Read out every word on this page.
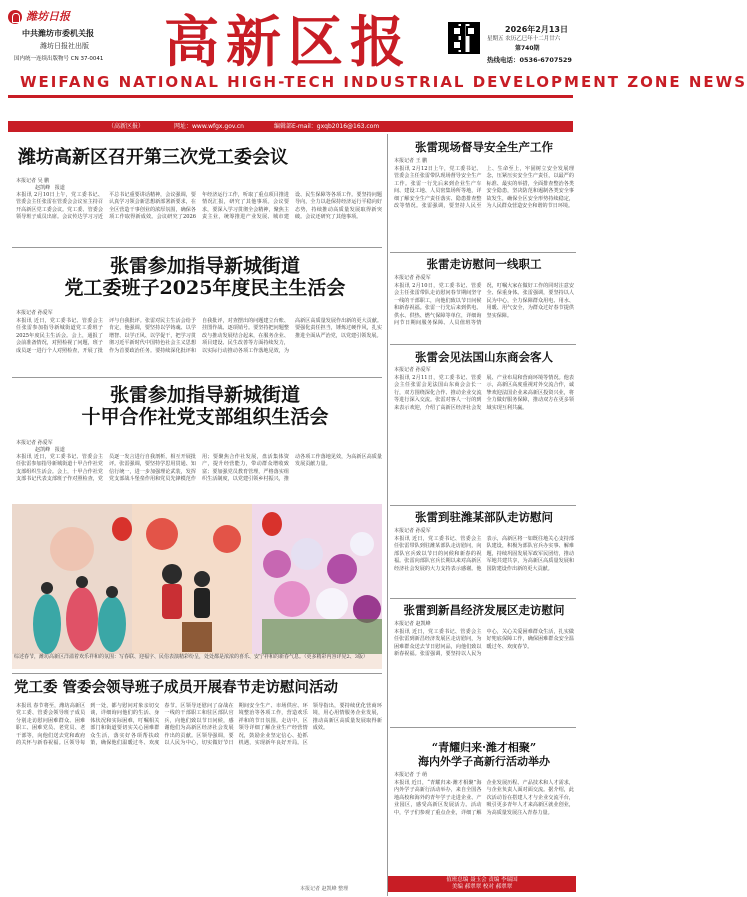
潍坊日报
中共潍坊市委机关报
潍坊日报社出版
国内统一连续出版物号 CN 37-0041	高新区报
WEIFANG NATIONAL HIGH-TECH INDUSTRIAL DEVELOPMENT ZONE NEWS
2026年2月13日
星期五 农历乙巳年十二月廿六
第740期
热线电话：0536-6707529
（高新区报）	网址：www.wfgx.gov.cn	编辑部E-mail：gxqb2016@163.com
潍坊高新区召开第三次党工委会议
本报记者 吴 鹏
赵凯峰   报道
本报讯 2月10日上午，党工委书记、管委会主任张雷在管委会会议室主持召开高新区党工委会议。党工委、管委会领导班子成员出席。会议传达学习习近平总书记重要讲话精神，会议强调，要认真学习领会新思想新部署新要求，在全区营造干事创业的浓厚氛围，确保各项工作取得新成效。会议研究了2026年经济运行工作，听取了重点项目推进情况汇报，研究了其他事项。会议要求，要深入学习贯彻全会精神，聚焦主责主业，统筹推进产业发展、城市建设、民生保障等各项工作。要坚持问题导向，全力以赴保持经济运行平稳向好态势，持续推动高质量发展取得新突破。会议还研究了其他事项。
张雷参加指导新城街道
党工委班子2025年度民主生活会
本报记者 孙爱军
本报讯 近日，党工委书记、管委会主任张雷参加指导新城街道党工委班子2025年度民主生活会。会上，通报了会前准备情况，对照检视了问题，班子成员逐一进行个人对照检查，开展了批评与自我批评。张雷对民主生活会给予肯定，他强调，要坚持以学铸魂、以学增智、以学正风、以学促干，把学习贯彻习近平新时代中国特色社会主义思想作为首要政治任务。要持续深化批评和自我批评，对查摆出的问题建立台账、挂图作战、逐项销号。要坚持把问题整改与推动发展结合起来，在服务企业、项目建设、民生改善等方面持续发力，以实际行动推动各项工作落地见效，为高新区高质量发展作出新的更大贡献。要强化责任担当，锤炼过硬作风，扎实推进全面从严治党，以党建引领发展。
张雷参加指导新城街道
十甲合作社党支部组织生活会
本报记者 孙爱军
赵凯峰   报道
本报讯 近日，党工委书记、管委会主任张雷参加指导新城街道十甲合作社党支部组织生活会。会上，十甲合作社党支部书记代表支部班子作对照检查，党员逐一发言进行自我剖析，相互开展批评。张雷强调，要坚持学思用贯通、知信行统一，进一步加强理论武装，发挥党支部战斗堡垒作用和党员先锋模范作用；要聚焦合作社发展，盘活集体资产，提升经营能力，带动群众增收致富；要加强党员教育管理，严格落实组织生活制度，以党建引领乡村振兴，推动各项工作落地见效，为高新区高质量发展贡献力量。
综述春节，潍坊高新区洋溢着欢乐祥和的氛围：写春联、迎福字、民俗表演精彩纷呈，处处都是浓浓的喜乐、安宁祥和的新春气息。（更多精彩内容详见2、3版）
党工委 管委会领导班子成员开展春节走访慰问活动
本报讯 春节将至，潍坊高新区党工委、管委会领导班子成员分别走访慰问困难群众、困难职工、困难党员、老党员、老干部等，向他们送去党和政府的关怀与新春祝福。区领导每到一处，都与慰问对象亲切交谈，详细询问他们的生活、身体状况和实际困难，叮嘱相关部门和街道要切实关心困难群众生活，落实好各项帮扶政策，确保他们温暖过冬、欢度春节。区领导还慰问了奋战在一线的干部职工和驻区部队官兵，向他们致以节日问候，感谢他们为高新区经济社会发展作出的贡献。区领导强调，要以人民为中心，切实做好节日期间安全生产、市场供应、环境整治等各项工作，营造欢乐祥和的节日氛围。走访中，区领导详细了解企业生产经营情况，鼓励企业坚定信心、抢抓机遇，实现新年良好开局。区领导指出，要持续优化营商环境，用心用情服务企业发展，推动高新区高质量发展取得新成效。
本报记者 赵凯峰 整理
张雷现场督导安全生产工作
本报记者 王 鹏
本报讯 2月12日上午，党工委书记、管委会主任张雷带队现场督导安全生产工作。张雷一行先后来到企业生产车间、建设工地、人员密集场所等地，详细了解安全生产责任落实、隐患排查整改等情况。张雷强调，要坚持人民至上、生命至上，牢固树立安全发展理念，压紧压实安全生产责任，以最严的标准、最实的举措，全面排查整治各类安全隐患，坚决防范和遏制各类安全事故发生，确保全区安全形势持续稳定，为人民群众营造安全和谐的节日环境。
张雷走访慰问一线职工
本报记者 孙爱军
本报讯 2月10日，党工委书记、管委会主任张雷带队走访慰问春节期间坚守一线的干部职工，向他们致以节日问候和新春祝福。张雷一行先后来到供电、供水、供热、燃气保障等单位，详细询问节日期间服务保障、人员值班等情况，叮嘱大家在做好工作的同时注意安全、保重身体。张雷强调，要坚持以人民为中心，全力保障群众用电、用水、用暖、用气安全，为群众过好春节提供坚实保障。
张雷会见法国山东商会客人
本报记者 孙爱军
本报讯 2月11日，党工委书记、管委会主任张雷会见法国山东商会会长一行，双方围绕深化合作、推动企业交流等进行深入交流。张雷对客人一行的到来表示欢迎，介绍了高新区经济社会发展、产业布局和营商环境等情况。他表示，高新区高度重视对外交流合作，诚挚欢迎法国企业来高新区投资兴业，将全力做好服务保障，推动双方在更多领域实现互利共赢。
张雷到驻潍某部队走访慰问
本报记者 孙爱军
本报讯 近日，党工委书记、管委会主任张雷带队到驻潍某部队走访慰问，向部队官兵致以节日的问候和新春的祝福。张雷向部队官兵长期以来对高新区经济社会发展的大力支持表示感谢。他表示，高新区将一如既往地关心支持部队建设，积极为部队官兵办实事、解难题，持续巩固发展军政军民团结，推动军地共建共享，为高新区高质量发展和国防建设作出新的更大贡献。
张雷到新昌经济发展区走访慰问
本报记者 赵凯峰
本报讯 近日，党工委书记、管委会主任张雷到新昌经济发展区走访慰问，为困难群众送去节日慰问品，向他们致以新春祝福。张雷强调，要坚持以人民为中心，关心关爱困难群众生活，扎实做好兜底保障工作，确保困难群众安全温暖过冬、欢度春节。
“青耀归来·潍才相聚”
海内外学子高新行活动举办
本报记者 于 萌
本报讯 近日，“青耀归来·潍才相聚”海内外学子高新行活动举办，来自全国各地高校和海外的青年学子走进企业、产业园区，感受高新区发展活力。活动中，学子们参观了重点企业，详细了解企业发展历程、产品技术和人才需求，与企业负责人面对面交流。据介绍，此次活动旨在搭建人才与企业交流平台，吸引更多青年人才来高新区就业创业，为高质量发展注入青春力量。
值班总编 聂玉会 责编 李瑞国
美编 郝翠翠 校对 郝翠翠
